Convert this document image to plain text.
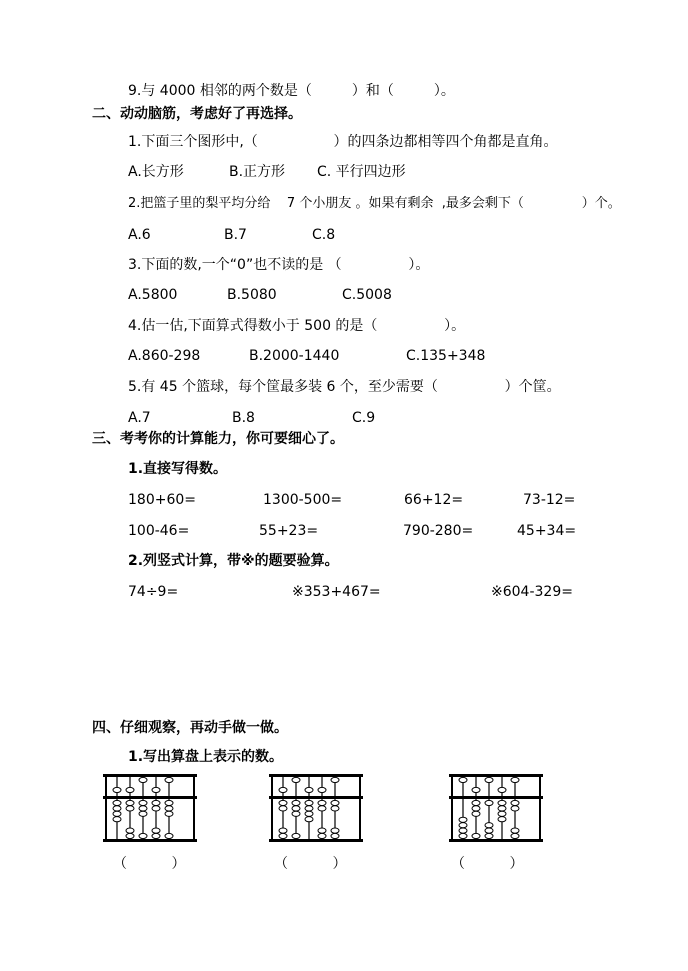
9.与 4000 相邻的两个数是（	）和（	）。
二、动动脑筋，考虑好了再选择。
1.下面三个图形中,（                 ）的四条边都相等四个角都是直角。
A.长方形	B.正方形 C. 平行四边形
2.把篮子里的梨平均分给    7 个小朋友 。如果有剩余  ,最多会剩下（              ）个。
A.6	B.7	C.8
3.下面的数,一个“0”也不读的是 （               ）。
A.5800	B.5080	C.5008
4.估一估,下面算式得数小于 500 的是（               ）。
A.860-298	B.2000-1440	C.135+348
5.有 45 个篮球，每个筐最多装 6 个，至少需要（               ）个筐。
A.7	B.8	C.9
三、考考你的计算能力，你可要细心了。
1.直接写得数。
180+60=	1300-500=	66+12=	73-12=
100-46=	55+23=	790-280=	45+34=
2.列竖式计算，带※的题要验算。
74÷9=	※353+467=	※604-329=
四、仔细观察，再动手做一做。
1.写出算盘上表示的数。
（          ）	（          ）	（          ）
